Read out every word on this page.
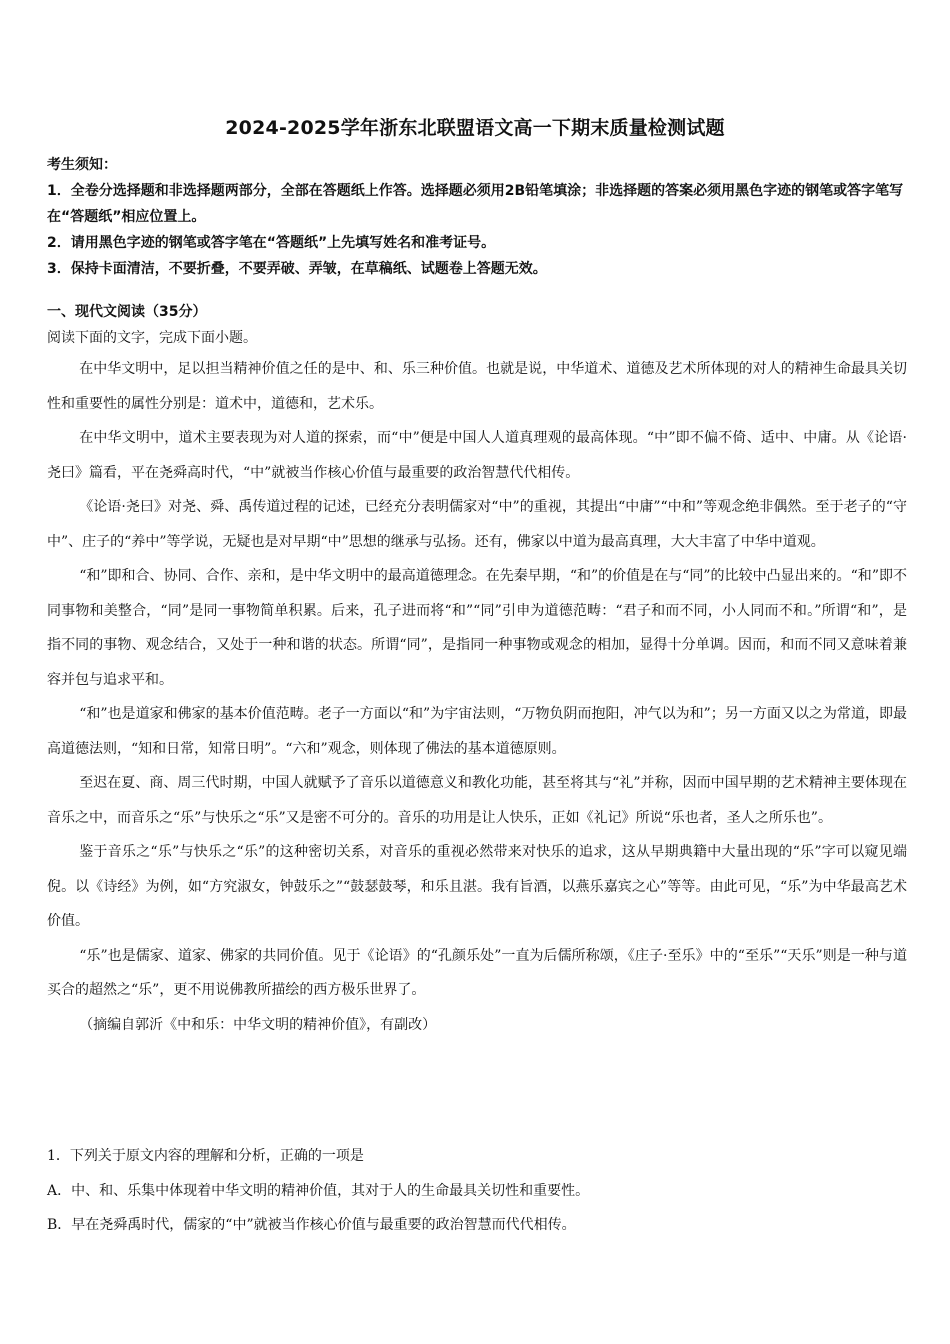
2024-2025学年浙东北联盟语文高一下期末质量检测试题

考生须知：

1．全卷分选择题和非选择题两部分，全部在答题纸上作答。选择题必须用2B铅笔填涂；非选择题的答案必须用黑色字迹的钢笔或答字笔写在“答题纸”相应位置上。

2．请用黑色字迹的钢笔或答字笔在“答题纸”上先填写姓名和准考证号。

3．保持卡面清洁，不要折叠，不要弄破、弄皱，在草稿纸、试题卷上答题无效。

一、现代文阅读（35分）

阅读下面的文字，完成下面小题。

在中华文明中，足以担当精神价值之任的是中、和、乐三种价值。也就是说，中华道术、道德及艺术所体现的对人的精神生命最具关切性和重要性的属性分别是：道术中，道德和，艺术乐。

在中华文明中，道术主要表现为对人道的探索，而“中”便是中国人人道真理观的最高体现。“中”即不偏不倚、适中、中庸。从《论语·尧曰》篇看，平在尧舜高时代，“中”就被当作核心价值与最重要的政治智慧代代相传。

《论语·尧曰》对尧、舜、禹传道过程的记述，已经充分表明儒家对“中”的重视，其提出“中庸”“中和”等观念绝非偶然。至于老子的“守中”、庄子的“养中”等学说，无疑也是对早期“中”思想的继承与弘扬。还有，佛家以中道为最高真理，大大丰富了中华中道观。

“和”即和合、协同、合作、亲和，是中华文明中的最高道德理念。在先秦早期，“和”的价值是在与“同”的比较中凸显出来的。“和”即不同事物和美整合，“同”是同一事物简单积累。后来，孔子进而将“和”“同”引申为道德范畴：“君子和而不同，小人同而不和。”所谓“和”，是指不同的事物、观念结合，又处于一种和谐的状态。所谓“同”，是指同一种事物或观念的相加，显得十分单调。因而，和而不同又意味着兼容并包与追求平和。

“和”也是道家和佛家的基本价值范畴。老子一方面以“和”为宇宙法则，“万物负阴而抱阳，冲气以为和”；另一方面又以之为常道，即最高道德法则，“知和日常，知常日明”。“六和”观念，则体现了佛法的基本道德原则。

至迟在夏、商、周三代时期，中国人就赋予了音乐以道德意义和教化功能，甚至将其与“礼”并称，因而中国早期的艺术精神主要体现在音乐之中，而音乐之“乐”与快乐之“乐”又是密不可分的。音乐的功用是让人快乐，正如《礼记》所说“乐也者，圣人之所乐也”。

鉴于音乐之“乐”与快乐之“乐”的这种密切关系，对音乐的重视必然带来对快乐的追求，这从早期典籍中大量出现的“乐”字可以窥见端倪。以《诗经》为例，如“方究淑女，钟鼓乐之”“鼓瑟鼓琴，和乐且湛。我有旨酒，以燕乐嘉宾之心”等等。由此可见，“乐”为中华最高艺术价值。

“乐”也是儒家、道家、佛家的共同价值。见于《论语》的“孔颜乐处”一直为后儒所称颂，《庄子·至乐》中的“至乐”“天乐”则是一种与道买合的超然之“乐”，更不用说佛教所描绘的西方极乐世界了。

（摘编自郭沂《中和乐：中华文明的精神价值》，有副改）

1．下列关于原文内容的理解和分析，正确的一项是

A．中、和、乐集中体现着中华文明的精神价值，其对于人的生命最具关切性和重要性。

B．早在尧舜禹时代，儒家的“中”就被当作核心价值与最重要的政治智慧而代代相传。
